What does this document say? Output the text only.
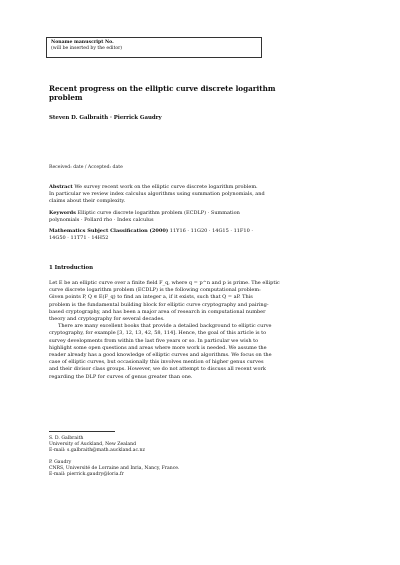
Noname manuscript No.
(will be inserted by the editor)
Recent progress on the elliptic curve discrete logarithm
problem
Steven D. Galbraith · Pierrick Gaudry
Received: date / Accepted: date
Abstract We survey recent work on the elliptic curve discrete logarithm problem.
In particular we review index calculus algorithms using summation polynomials, and
claims about their complexity.
Keywords Elliptic curve discrete logarithm problem (ECDLP) · Summation
polynomials · Pollard rho · Index calculus
Mathematics Subject Classification (2000) 11Y16 · 11G20 · 14G15 · 11F10 ·
14G50 · 11T71 · 14H52
1 Introduction
Let E be an elliptic curve over a finite field F_q, where q = p^n and p is prime. The elliptic
curve discrete logarithm problem (ECDLP) is the following computational problem:
Given points P, Q ∈ E(F_q) to find an integer a, if it exists, such that Q = aP. This
problem is the fundamental building block for elliptic curve cryptography and pairing-
based cryptography, and has been a major area of research in computational number
theory and cryptography for several decades.
There are many excellent books that provide a detailed background to elliptic curve
cryptography, for example [3, 12, 13, 42, 58, 114]. Hence, the goal of this article is to
survey developments from within the last five years or so. In particular we wish to
highlight some open questions and areas where more work is needed. We assume the
reader already has a good knowledge of elliptic curves and algorithms. We focus on the
case of elliptic curves, but occasionally this involves mention of higher genus curves
and their divisor class groups. However, we do not attempt to discuss all recent work
regarding the DLP for curves of genus greater than one.
S. D. Galbraith
University of Auckland, New Zealand
E-mail: s.galbraith@math.auckland.ac.nz
P. Gaudry
CNRS, Université de Lorraine and Inria, Nancy, France.
E-mail: pierrick.gaudry@loria.fr
